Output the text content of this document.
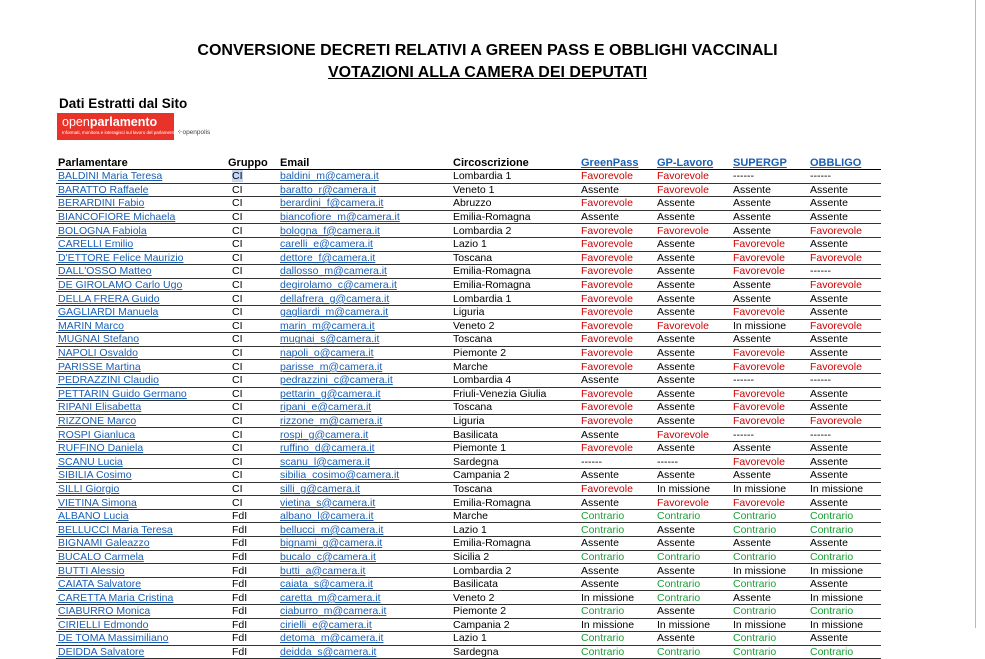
CONVERSIONE DECRETI RELATIVI A GREEN PASS E OBBLIGHI VACCINALI
VOTAZIONI ALLA CAMERA DEI DEPUTATI
Dati Estratti dal Sito
openparlamento
Informati, monitora e interagisci sul lavoro del parlamento ⁘openpolis
Parlamentare	Gruppo	Email	Circoscrizione	GreenPass	GP-Lavoro	SUPERGP	OBBLIGO
BALDINI Maria Teresa	CI	baldini_m@camera.it	Lombardia 1	Favorevole	Favorevole	------	------
BARATTO Raffaele	CI	baratto_r@camera.it	Veneto 1	Assente	Favorevole	Assente	Assente
BERARDINI Fabio	CI	berardini_f@camera.it	Abruzzo	Favorevole	Assente	Assente	Assente
BIANCOFIORE Michaela	CI	biancofiore_m@camera.it	Emilia-Romagna	Assente	Assente	Assente	Assente
BOLOGNA Fabiola	CI	bologna_f@camera.it	Lombardia 2	Favorevole	Favorevole	Assente	Favorevole
CARELLI Emilio	CI	carelli_e@camera.it	Lazio 1	Favorevole	Assente	Favorevole	Assente
D'ETTORE Felice Maurizio	CI	dettore_f@camera.it	Toscana	Favorevole	Assente	Favorevole	Favorevole
DALL'OSSO Matteo	CI	dallosso_m@camera.it	Emilia-Romagna	Favorevole	Assente	Favorevole	------
DE GIROLAMO Carlo Ugo	CI	degirolamo_c@camera.it	Emilia-Romagna	Favorevole	Assente	Assente	Favorevole
DELLA FRERA Guido	CI	dellafrera_g@camera.it	Lombardia 1	Favorevole	Assente	Assente	Assente
GAGLIARDI Manuela	CI	gagliardi_m@camera.it	Liguria	Favorevole	Assente	Favorevole	Assente
MARIN Marco	CI	marin_m@camera.it	Veneto 2	Favorevole	Favorevole	In missione	Favorevole
MUGNAI Stefano	CI	mugnai_s@camera.it	Toscana	Favorevole	Assente	Assente	Assente
NAPOLI Osvaldo	CI	napoli_o@camera.it	Piemonte 2	Favorevole	Assente	Favorevole	Assente
PARISSE Martina	CI	parisse_m@camera.it	Marche	Favorevole	Assente	Favorevole	Favorevole
PEDRAZZINI Claudio	CI	pedrazzini_c@camera.it	Lombardia 4	Assente	Assente	------	------
PETTARIN Guido Germano	CI	pettarin_g@camera.it	Friuli-Venezia Giulia	Favorevole	Assente	Favorevole	Assente
RIPANI Elisabetta	CI	ripani_e@camera.it	Toscana	Favorevole	Assente	Favorevole	Assente
RIZZONE Marco	CI	rizzone_m@camera.it	Liguria	Favorevole	Assente	Favorevole	Favorevole
ROSPI Gianluca	CI	rospi_g@camera.it	Basilicata	Assente	Favorevole	------	------
RUFFINO Daniela	CI	ruffino_d@camera.it	Piemonte 1	Favorevole	Assente	Assente	Assente
SCANU Lucia	CI	scanu_l@camera.it	Sardegna	------	------	Favorevole	Assente
SIBILIA Cosimo	CI	sibilia_cosimo@camera.it	Campania 2	Assente	Assente	Assente	Assente
SILLI Giorgio	CI	silli_g@camera.it	Toscana	Favorevole	In missione	In missione	In missione
VIETINA Simona	CI	vietina_s@camera.it	Emilia-Romagna	Assente	Favorevole	Favorevole	Assente
ALBANO Lucia	FdI	albano_l@camera.it	Marche	Contrario	Contrario	Contrario	Contrario
BELLUCCI Maria Teresa	FdI	bellucci_m@camera.it	Lazio 1	Contrario	Assente	Contrario	Contrario
BIGNAMI Galeazzo	FdI	bignami_g@camera.it	Emilia-Romagna	Assente	Assente	Assente	Assente
BUCALO Carmela	FdI	bucalo_c@camera.it	Sicilia 2	Contrario	Contrario	Contrario	Contrario
BUTTI Alessio	FdI	butti_a@camera.it	Lombardia 2	Assente	Assente	In missione	In missione
CAIATA Salvatore	FdI	caiata_s@camera.it	Basilicata	Assente	Contrario	Contrario	Assente
CARETTA Maria Cristina	FdI	caretta_m@camera.it	Veneto 2	In missione	Contrario	Assente	In missione
CIABURRO Monica	FdI	ciaburro_m@camera.it	Piemonte 2	Contrario	Assente	Contrario	Contrario
CIRIELLI Edmondo	FdI	cirielli_e@camera.it	Campania 2	In missione	In missione	In missione	In missione
DE TOMA Massimiliano	FdI	detoma_m@camera.it	Lazio 1	Contrario	Assente	Contrario	Assente
DEIDDA Salvatore	FdI	deidda_s@camera.it	Sardegna	Contrario	Contrario	Contrario	Contrario
